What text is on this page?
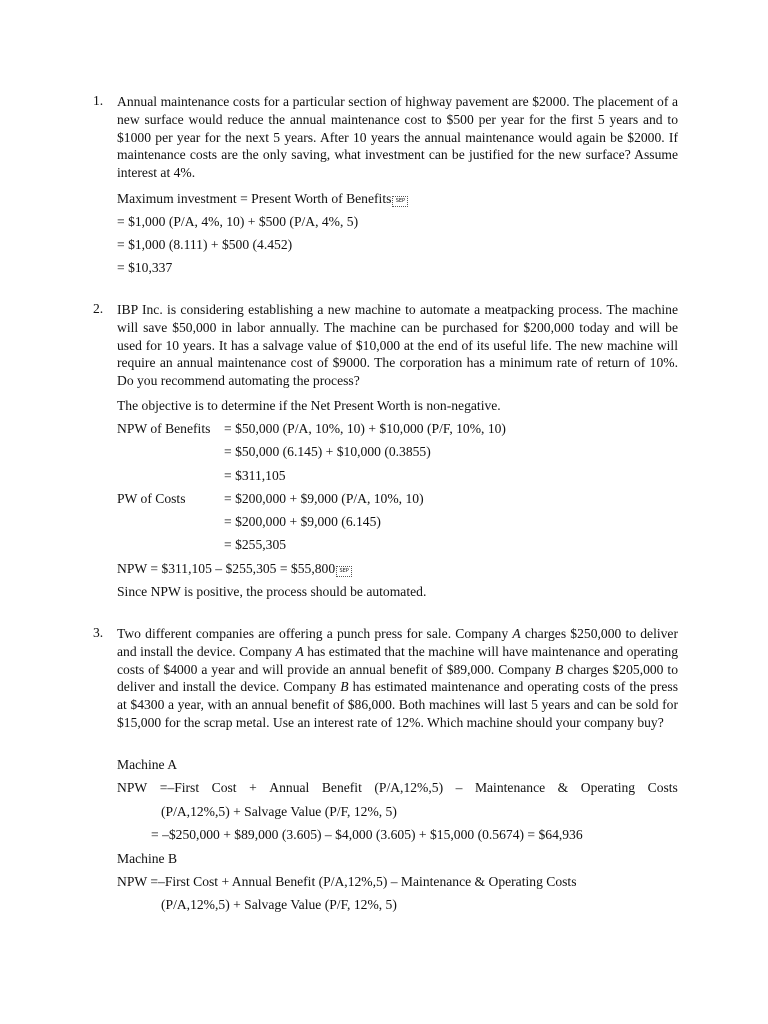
1. Annual maintenance costs for a particular section of highway pavement are $2000. The placement of a new surface would reduce the annual maintenance cost to $500 per year for the first 5 years and to $1000 per year for the next 5 years. After 10 years the annual maintenance would again be $2000. If maintenance costs are the only saving, what investment can be justified for the new surface? Assume interest at 4%.
Maximum investment = Present Worth of Benefits SEP
= $1,000 (P/A, 4%, 10) + $500 (P/A, 4%, 5)
= $1,000 (8.111) + $500 (4.452)
= $10,337
2. IBP Inc. is considering establishing a new machine to automate a meatpacking process. The machine will save $50,000 in labor annually. The machine can be purchased for $200,000 today and will be used for 10 years. It has a salvage value of $10,000 at the end of its useful life. The new machine will require an annual maintenance cost of $9000. The corporation has a minimum rate of return of 10%. Do you recommend automating the process?
The objective is to determine if the Net Present Worth is non-negative.
NPW of Benefits = $50,000 (P/A, 10%, 10) + $10,000 (P/F, 10%, 10)
= $50,000 (6.145) + $10,000 (0.3855)
= $311,105
PW of Costs	= $200,000 + $9,000 (P/A, 10%, 10)
= $200,000 + $9,000 (6.145)
= $255,305
NPW = $311,105 – $255,305 = $55,800 SEP
Since NPW is positive, the process should be automated.
3. Two different companies are offering a punch press for sale. Company A charges $250,000 to deliver and install the device. Company A has estimated that the machine will have maintenance and operating costs of $4000 a year and will provide an annual benefit of $89,000. Company B charges $205,000 to deliver and install the device. Company B has estimated maintenance and operating costs of the press at $4300 a year, with an annual benefit of $86,000. Both machines will last 5 years and can be sold for $15,000 for the scrap metal. Use an interest rate of 12%. Which machine should your company buy?
Machine A
NPW =–First Cost + Annual Benefit (P/A,12%,5) – Maintenance & Operating Costs
(P/A,12%,5) + Salvage Value (P/F, 12%, 5)
= –$250,000 + $89,000 (3.605) – $4,000 (3.605) + $15,000 (0.5674) = $64,936
Machine B
NPW =–First Cost + Annual Benefit (P/A,12%,5) – Maintenance & Operating Costs
(P/A,12%,5) + Salvage Value (P/F, 12%, 5)
